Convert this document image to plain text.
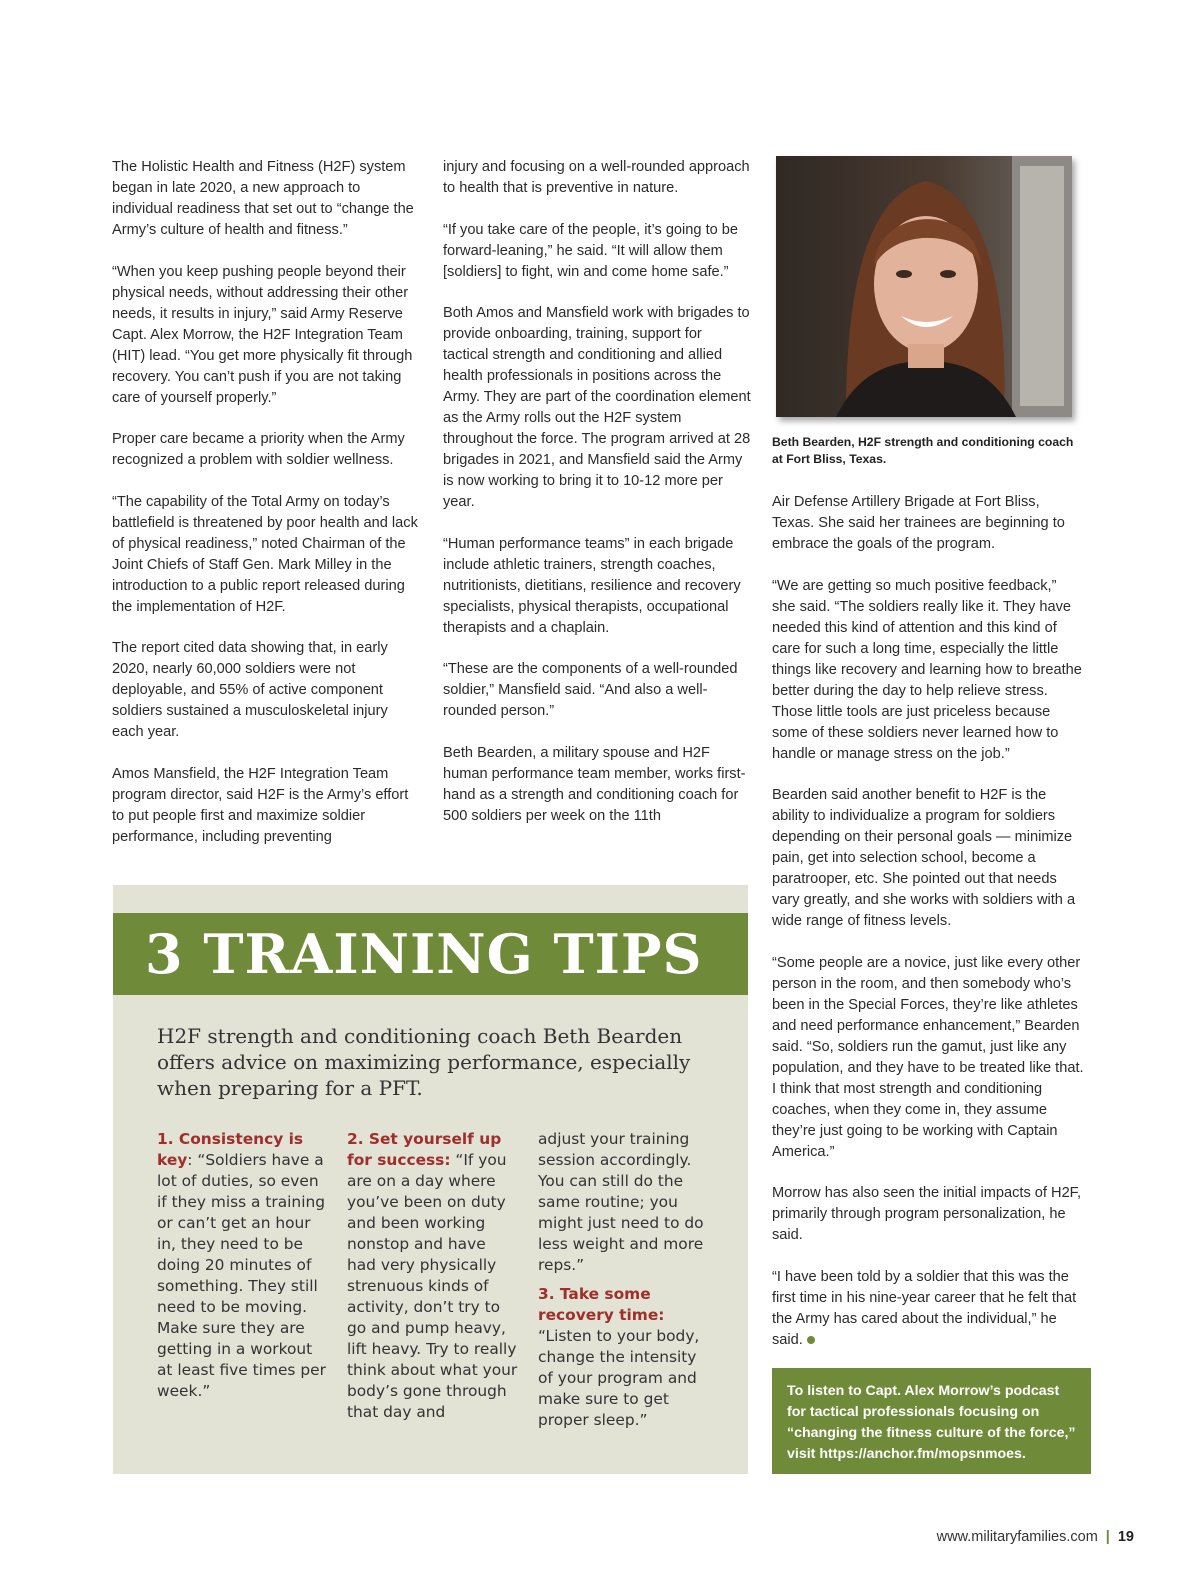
The Holistic Health and Fitness (H2F) system began in late 2020, a new approach to individual readiness that set out to “change the Army’s culture of health and fitness.”

“When you keep pushing people beyond their physical needs, without addressing their other needs, it results in injury,” said Army Reserve Capt. Alex Morrow, the H2F Integration Team (HIT) lead. “You get more physically fit through recovery. You can’t push if you are not taking care of yourself properly.”

Proper care became a priority when the Army recognized a problem with soldier wellness.

“The capability of the Total Army on today’s battlefield is threatened by poor health and lack of physical readiness,” noted Chairman of the Joint Chiefs of Staff Gen. Mark Milley in the introduction to a public report released during the implementation of H2F.

The report cited data showing that, in early 2020, nearly 60,000 soldiers were not deployable, and 55% of active component soldiers sustained a musculoskeletal injury each year.

Amos Mansfield, the H2F Integration Team program director, said H2F is the Army’s effort to put people first and maximize soldier performance, including preventing

injury and focusing on a well-rounded approach to health that is preventive in nature.

“If you take care of the people, it’s going to be forward-leaning,” he said. “It will allow them [soldiers] to fight, win and come home safe.”

Both Amos and Mansfield work with brigades to provide onboarding, training, support for tactical strength and conditioning and allied health professionals in positions across the Army. They are part of the coordination element as the Army rolls out the H2F system throughout the force. The program arrived at 28 brigades in 2021, and Mansfield said the Army is now working to bring it to 10-12 more per year.

“Human performance teams” in each brigade include athletic trainers, strength coaches, nutritionists, dietitians, resilience and recovery specialists, physical therapists, occupational therapists and a chaplain.

“These are the components of a well-rounded soldier,” Mansfield said. “And also a well-rounded person.”

Beth Bearden, a military spouse and H2F human performance team member, works first-hand as a strength and conditioning coach for 500 soldiers per week on the 11th

Beth Bearden, H2F strength and conditioning coach at Fort Bliss, Texas.

Air Defense Artillery Brigade at Fort Bliss, Texas. She said her trainees are beginning to embrace the goals of the program.

“We are getting so much positive feedback,” she said. “The soldiers really like it. They have needed this kind of attention and this kind of care for such a long time, especially the little things like recovery and learning how to breathe better during the day to help relieve stress. Those little tools are just priceless because some of these soldiers never learned how to handle or manage stress on the job.”

Bearden said another benefit to H2F is the ability to individualize a program for soldiers depending on their personal goals — minimize pain, get into selection school, become a paratrooper, etc. She pointed out that needs vary greatly, and she works with soldiers with a wide range of fitness levels.

“Some people are a novice, just like every other person in the room, and then somebody who’s been in the Special Forces, they’re like athletes and need performance enhancement,” Bearden said. “So, soldiers run the gamut, just like any population, and they have to be treated like that. I think that most strength and conditioning coaches, when they come in, they assume they’re just going to be working with Captain America.”

Morrow has also seen the initial impacts of H2F, primarily through program personalization, he said.

“I have been told by a soldier that this was the first time in his nine-year career that he felt that the Army has cared about the individual,” he said.

3 TRAINING TIPS
H2F strength and conditioning coach Beth Bearden offers advice on maximizing performance, especially when preparing for a PFT.

1. Consistency is key: “Soldiers have a lot of duties, so even if they miss a training or can’t get an hour in, they need to be doing 20 minutes of something. They still need to be moving. Make sure they are getting in a workout at least five times per week.”

2. Set yourself up for success: “If you are on a day where you’ve been on duty and been working nonstop and have had very physically strenuous kinds of activity, don’t try to go and pump heavy, lift heavy. Try to really think about what your body’s gone through that day and

adjust your training session accordingly. You can still do the same routine; you might just need to do less weight and more reps.”

3. Take some recovery time:
“Listen to your body, change the intensity of your program and make sure to get proper sleep.”

To listen to Capt. Alex Morrow’s podcast for tactical professionals focusing on “changing the fitness culture of the force,” visit https://anchor.fm/mopsnmoes.
www.militaryfamilies.com | 19
